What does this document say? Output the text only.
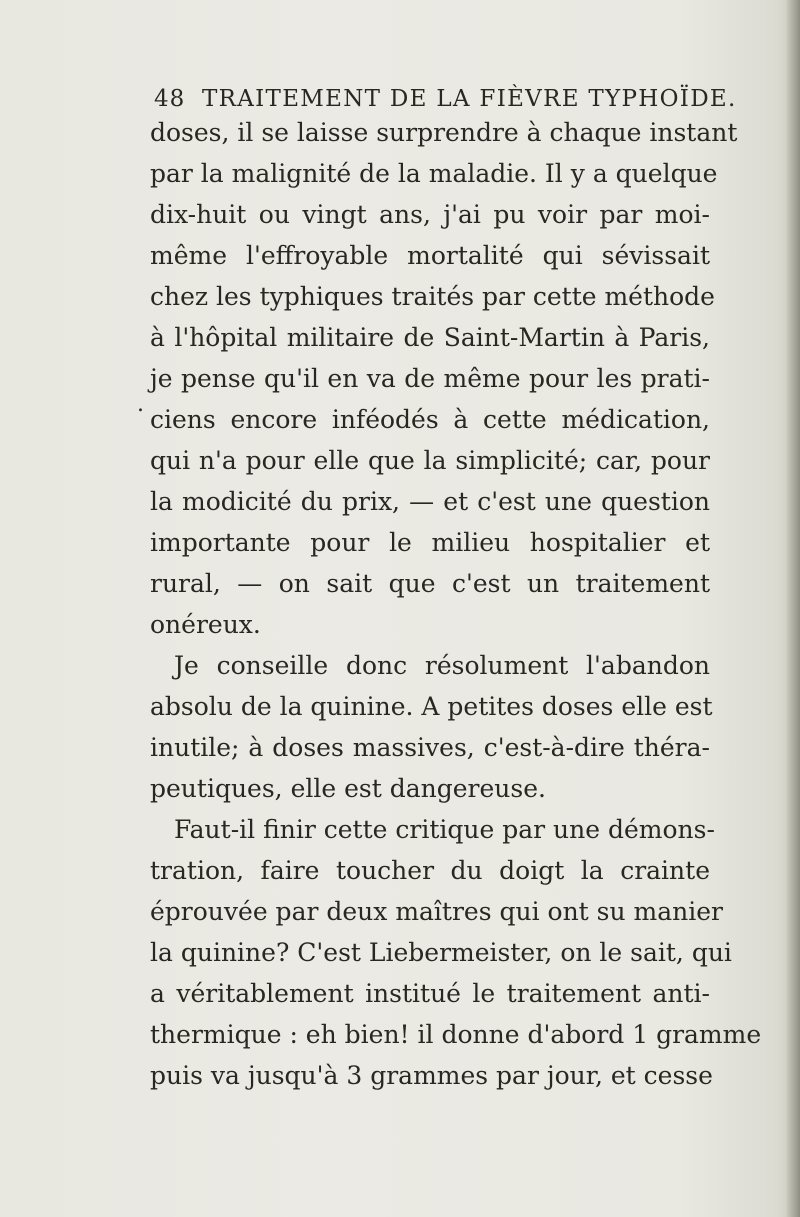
48 TRAITEMENT DE LA FIÈVRE TYPHOÏDE.
.
doses, il se laisse surprendre à chaque instant
par la malignité de la maladie. Il y a quelque
dix-huit ou vingt ans, j'ai pu voir par moi-
même l'effroyable mortalité qui sévissait
chez les typhiques traités par cette méthode
à l'hôpital militaire de Saint-Martin à Paris,
je pense qu'il en va de même pour les prati-
ciens encore inféodés à cette médication,
qui n'a pour elle que la simplicité; car, pour
la modicité du prix, — et c'est une question
importante pour le milieu hospitalier et
rural, — on sait que c'est un traitement
onéreux.
Je conseille donc résolument l'abandon
absolu de la quinine. A petites doses elle est
inutile; à doses massives, c'est-à-dire théra-
peutiques, elle est dangereuse.
Faut-il finir cette critique par une démons-
tration, faire toucher du doigt la crainte
éprouvée par deux maîtres qui ont su manier
la quinine? C'est Liebermeister, on le sait, qui
a véritablement institué le traitement anti-
thermique : eh bien! il donne d'abord 1 gramme
puis va jusqu'à 3 grammes par jour, et cesse
